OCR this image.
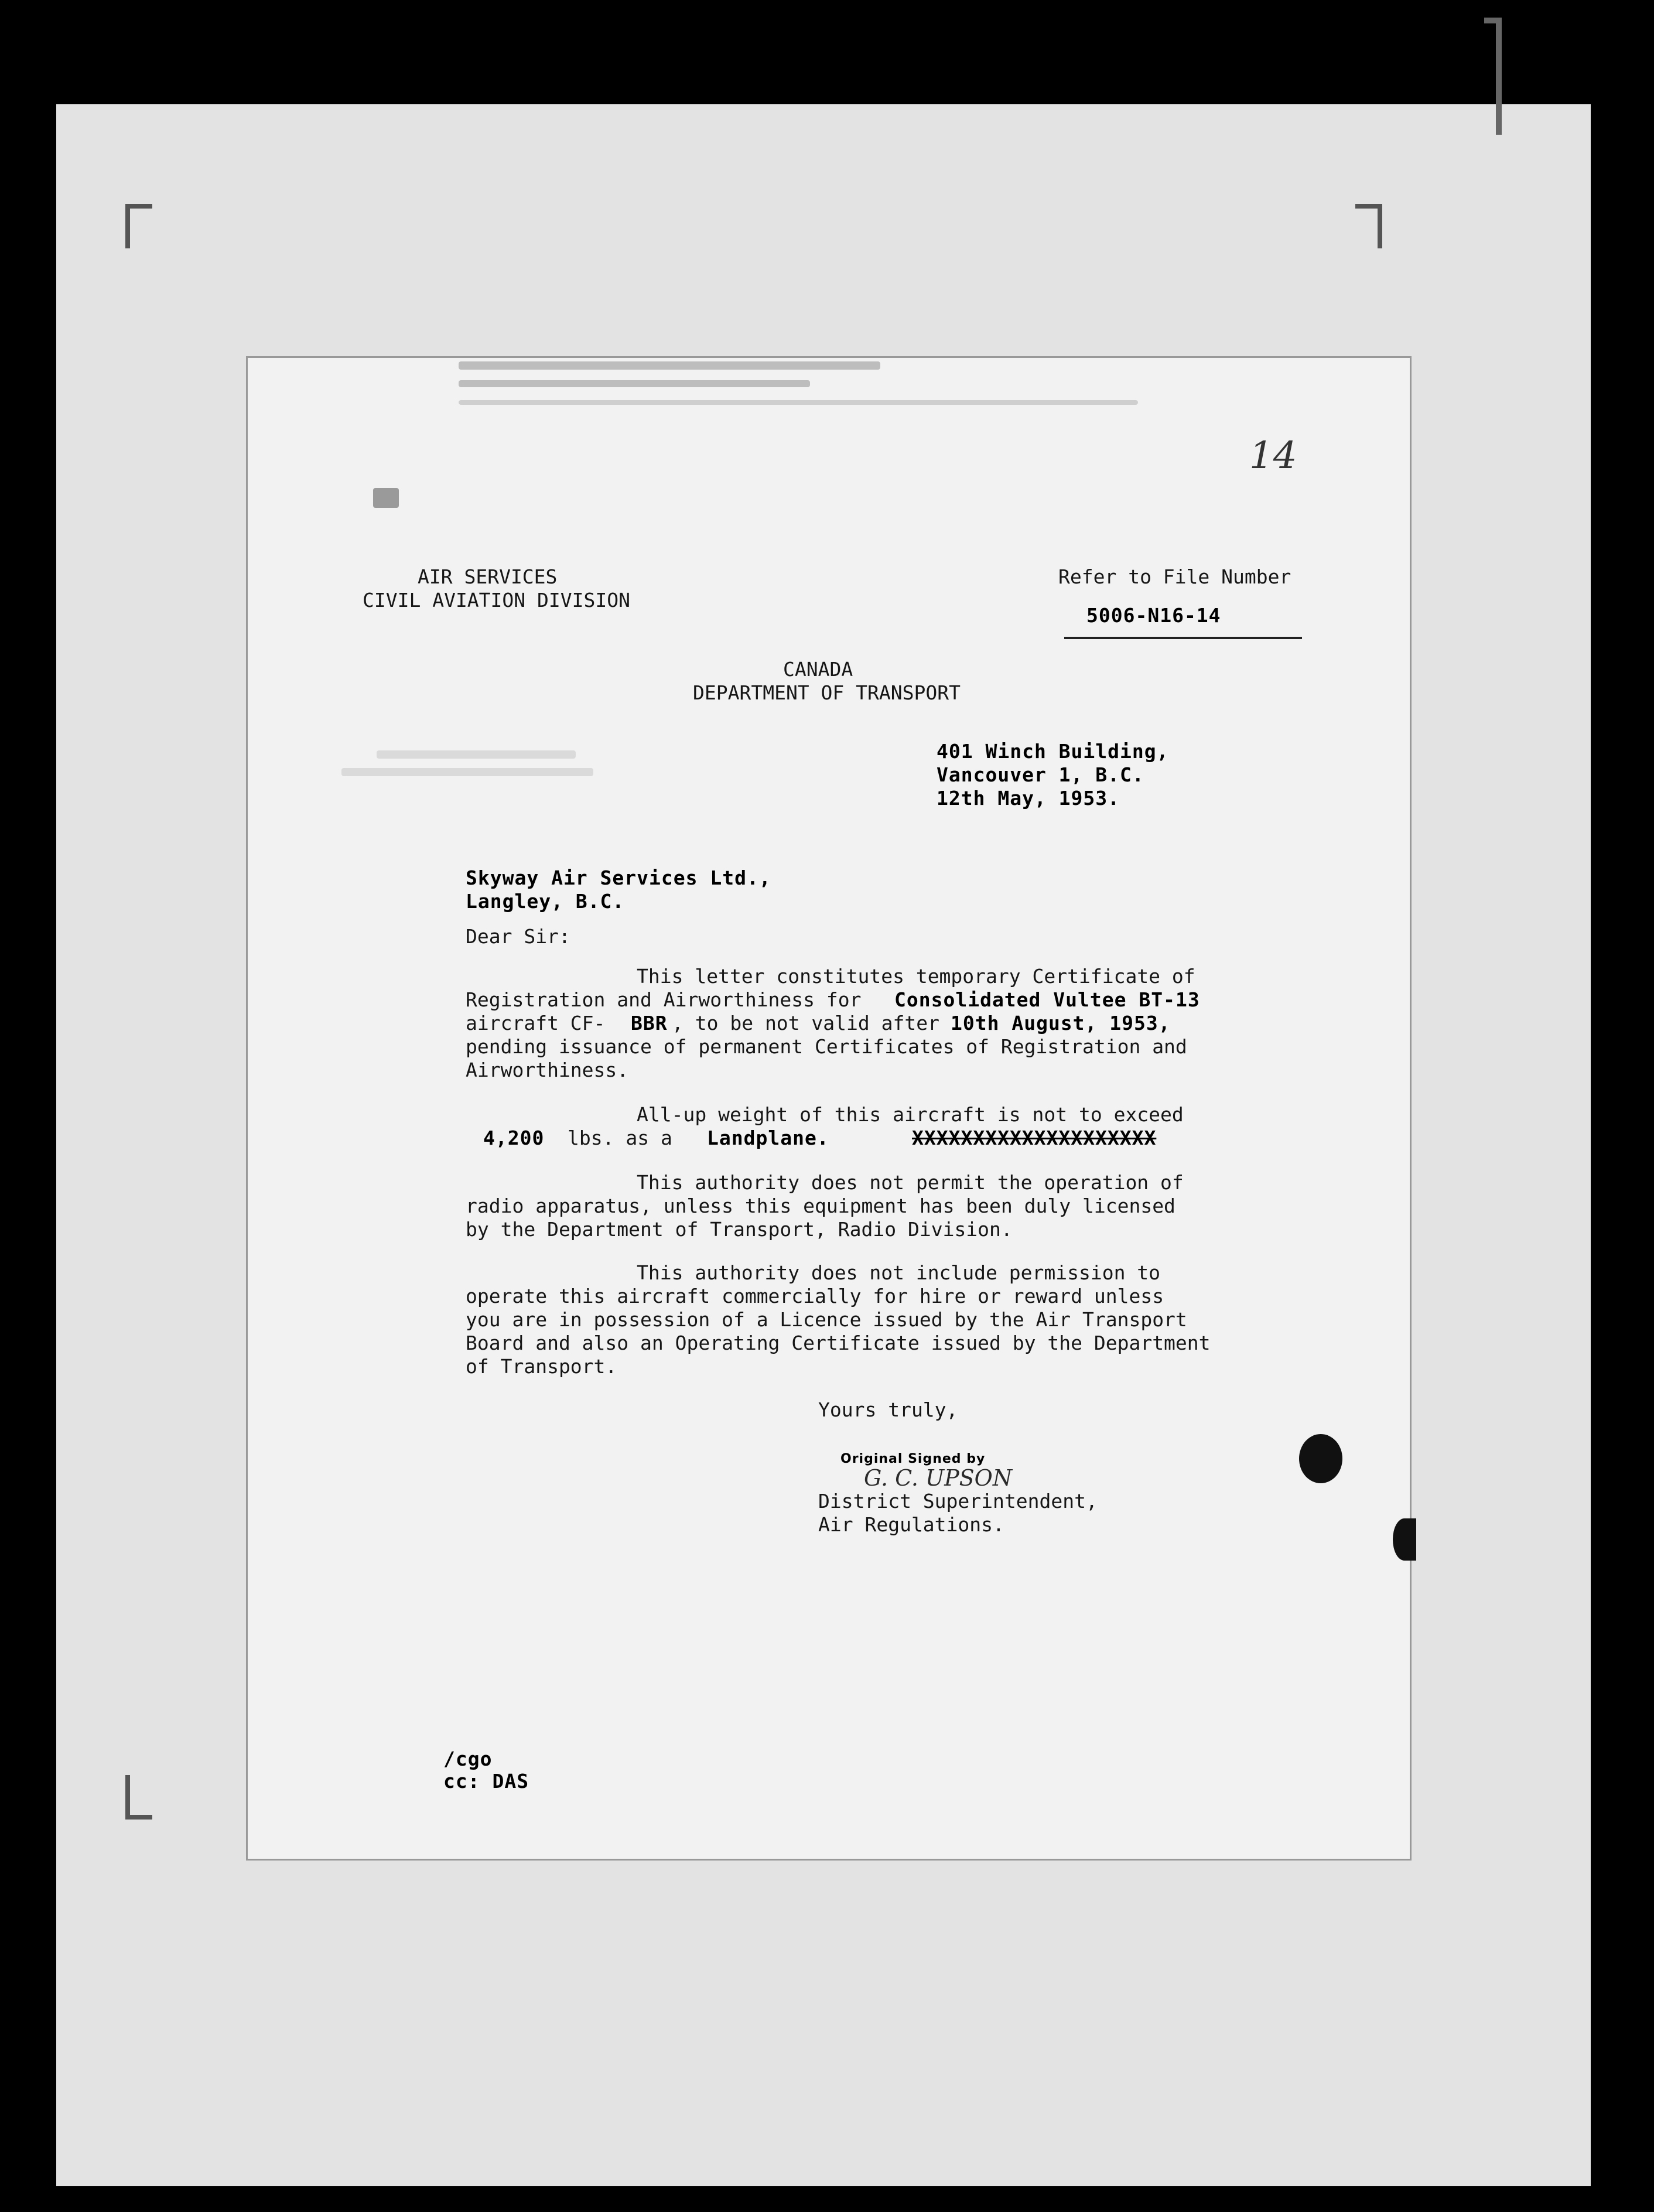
14
AIR SERVICES
CIVIL AVIATION DIVISION
Refer to File Number
5006-N16-14
CANADA
DEPARTMENT OF TRANSPORT
401 Winch Building,
Vancouver 1, B.C.
12th May, 1953.
Skyway Air Services Ltd.,
Langley, B.C.
Dear Sir:
This letter constitutes temporary Certificate of
Registration and Airworthiness for Consolidated Vultee BT-13
aircraft CF- BBR , to be not valid after 10th August, 1953,
pending issuance of permanent Certificates of Registration and
Airworthiness.
All-up weight of this aircraft is not to exceed
4,200 lbs. as a Landplane.	XXXXXXXXXXXXXXXXXXXX
This authority does not permit the operation of
radio apparatus, unless this equipment has been duly licensed
by the Department of Transport, Radio Division.
This authority does not include permission to
operate this aircraft commercially for hire or reward unless
you are in possession of a Licence issued by the Air Transport
Board and also an Operating Certificate issued by the Department
of Transport.
Yours truly,
Original Signed by
G. C. UPSON
District Superintendent,
Air Regulations.
/cgo
cc: DAS
